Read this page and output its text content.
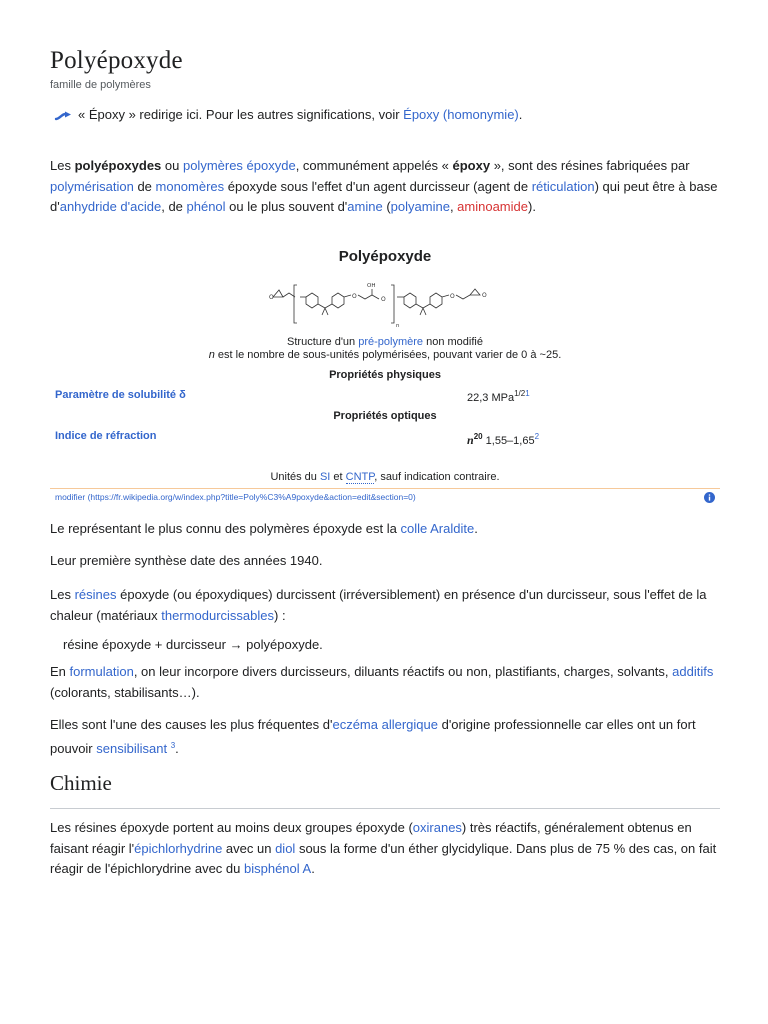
Polyépoxyde
famille de polymères
« Époxy » redirige ici. Pour les autres significations, voir Époxy (homonymie).

Les polyépoxydes ou polymères époxyde, communément appelés « époxy », sont des résines fabriquées par polymérisation de monomères époxyde sous l'effet d'un agent durcisseur (agent de réticulation) qui peut être à base d'anhydride d'acide, de phénol ou le plus souvent d'amine (polyamine, aminoamide).

Polyépoxyde
O	O
OH
O
n
O	O
Structure d'un pré-polymère non modifié
n est le nombre de sous-unités polymérisées, pouvant varier de 0 à ~25.
Propriétés physiques
Paramètre de solubilité δ	22,3 MPa$^{1/21}$
Propriétés optiques
Indice de réfraction	$n^{20}$ 1,55–1,65$^2$
Unités du SI et CNTP, sauf indication contraire.
modifier (https://fr.wikipedia.org/w/index.php?title=Poly%C3%A9poxyde&action=edit&section=0)

Le représentant le plus connu des polymères époxyde est la colle Araldite.

Leur première synthèse date des années 1940.

Les résines époxyde (ou époxydiques) durcissent (irréversiblement) en présence d'un durcisseur, sous l'effet de la chaleur (matériaux thermodurcissables) :

résine époxyde + durcisseur → polyépoxyde.

En formulation, on leur incorpore divers durcisseurs, diluants réactifs ou non, plastifiants, charges, solvants, additifs (colorants, stabilisants…).

Elles sont l'une des causes les plus fréquentes d'eczéma allergique d'origine professionnelle car elles ont un fort pouvoir sensibilisant $^3$.

Chimie

Les résines époxyde portent au moins deux groupes époxyde (oxiranes) très réactifs, généralement obtenus en faisant réagir l'épichlorhydrine avec un diol sous la forme d'un éther glycidylique. Dans plus de 75 % des cas, on fait réagir de l'épichlorydrine avec du bisphénol A.
